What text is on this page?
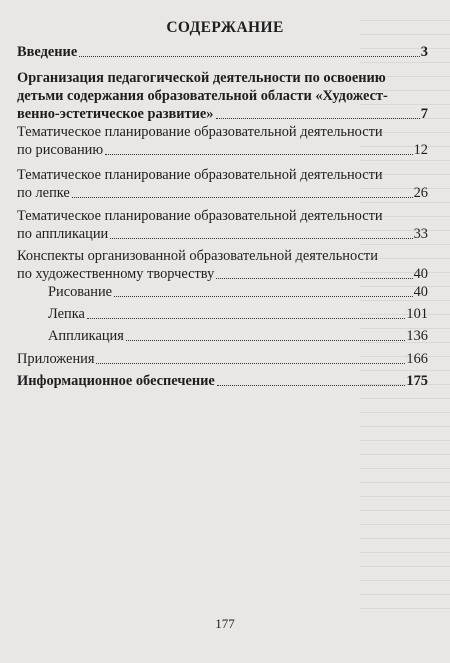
СОДЕРЖАНИЕ
Введение	3
Организация педагогической деятельности по освоению
детьми содержания образовательной области «Художест-
венно-эстетическое развитие»	7
Тематическое планирование образовательной деятельности
по рисованию	12
Тематическое планирование образовательной деятельности
по лепке	26
Тематическое планирование образовательной деятельности
по аппликации	33
Конспекты организованной образовательной деятельности
по художественному творчеству	40
Рисование	40
Лепка	101
Аппликация	136
Приложения	166
Информационное обеспечение	175
177
